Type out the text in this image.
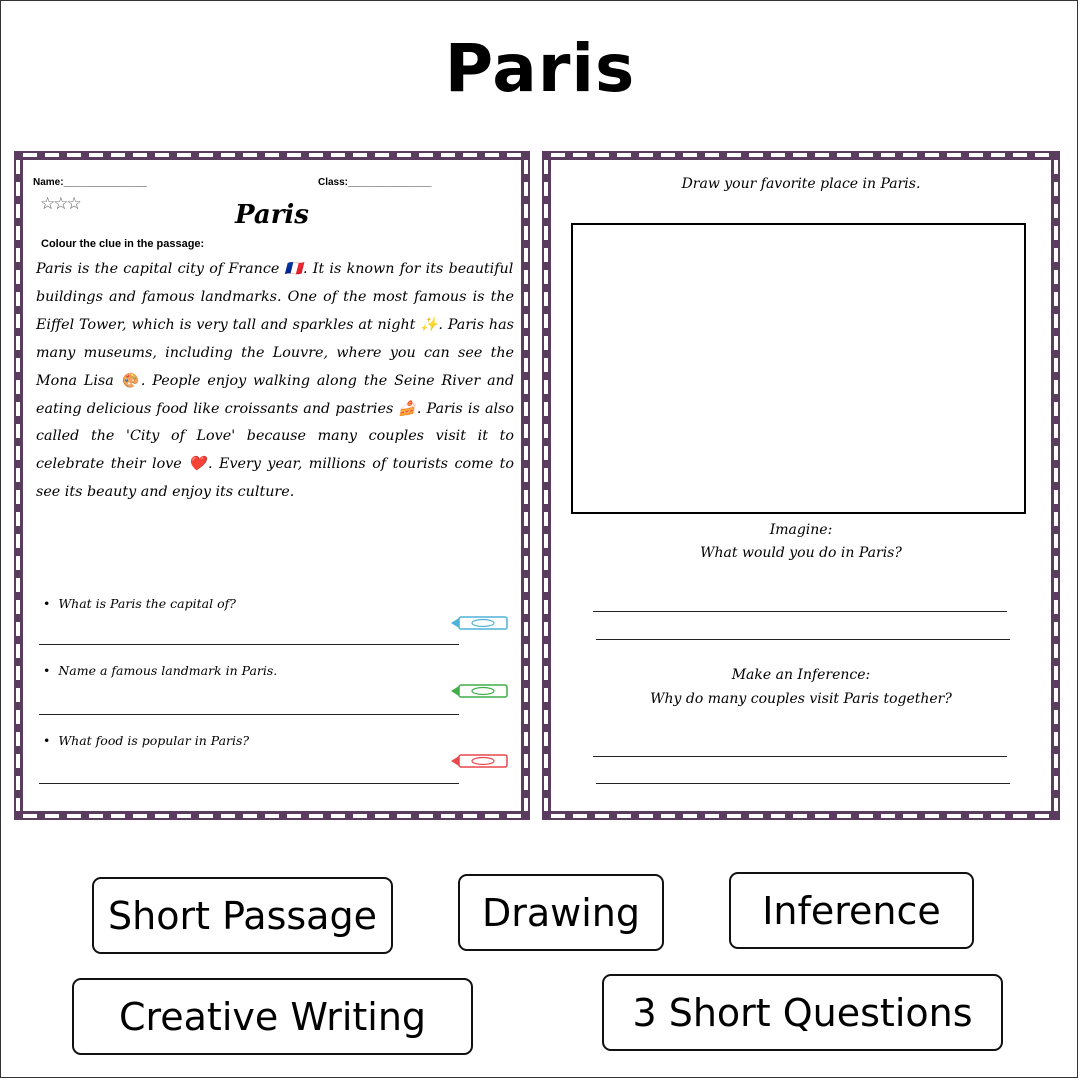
Paris
Name:_______________	Class:_______________
☆☆☆	Paris
Colour the clue in the passage:
Paris is the capital city of France 🇫🇷. It is known for its beautiful buildings and famous landmarks. One of the most famous is the Eiffel Tower, which is very tall and sparkles at night ✨. Paris has many museums, including the Louvre, where you can see the Mona Lisa 🎨. People enjoy walking along the Seine River and eating delicious food like croissants and pastries 🍰. Paris is also called the 'City of Love' because many couples visit it to celebrate their love ❤️. Every year, millions of tourists come to see its beauty and enjoy its culture.
•  What is Paris the capital of?
•  Name a famous landmark in Paris.
•  What food is popular in Paris?
Draw your favorite place in Paris.
Imagine:
What would you do in Paris?
Make an Inference:
Why do many couples visit Paris together?
Short Passage	Drawing	Inference
Creative Writing	3 Short Questions
